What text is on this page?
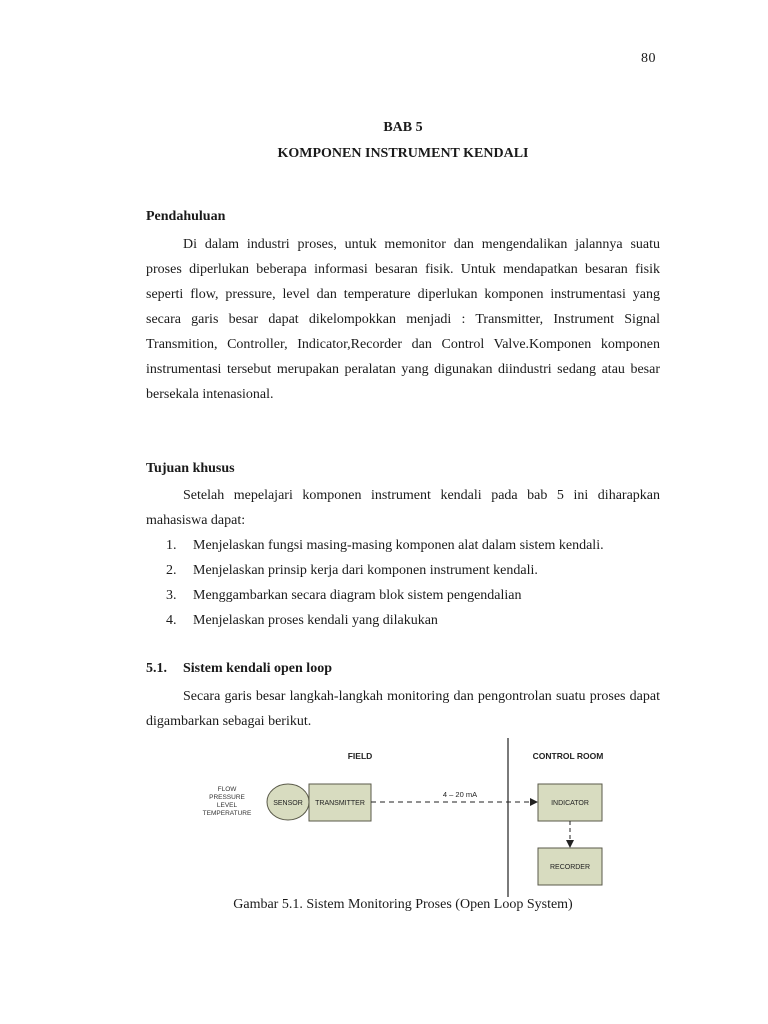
80
BAB 5
KOMPONEN INSTRUMENT KENDALI
Pendahuluan

Di dalam industri proses, untuk memonitor dan mengendalikan jalannya suatu proses diperlukan beberapa informasi besaran fisik. Untuk mendapatkan besaran fisik seperti flow, pressure, level dan temperature diperlukan komponen instrumentasi yang secara garis besar dapat dikelompokkan menjadi : Transmitter, Instrument Signal Transmition, Controller, Indicator,Recorder dan Control Valve.Komponen komponen instrumentasi tersebut merupakan peralatan yang digunakan diindustri sedang atau besar bersekala intenasional.

Tujuan khusus

Setelah mepelajari komponen instrument kendali pada bab 5 ini diharapkan mahasiswa dapat:

1.	Menjelaskan fungsi masing-masing komponen alat dalam sistem kendali.
2.	Menjelaskan prinsip kerja dari komponen instrument kendali.
3.	Menggambarkan secara diagram blok sistem pengendalian
4.	Menjelaskan proses kendali yang dilakukan
5.1. Sistem kendali open loop

Secara garis besar langkah-langkah monitoring dan pengontrolan suatu proses dapat digambarkan sebagai berikut.

FIELD	CONTROL ROOM
FLOW
PRESSURE
LEVEL
TEMPERATURE
SENSOR TRANSMITTER
4 – 20 mA
INDICATOR
RECORDER
Gambar 5.1. Sistem Monitoring Proses (Open Loop System)
